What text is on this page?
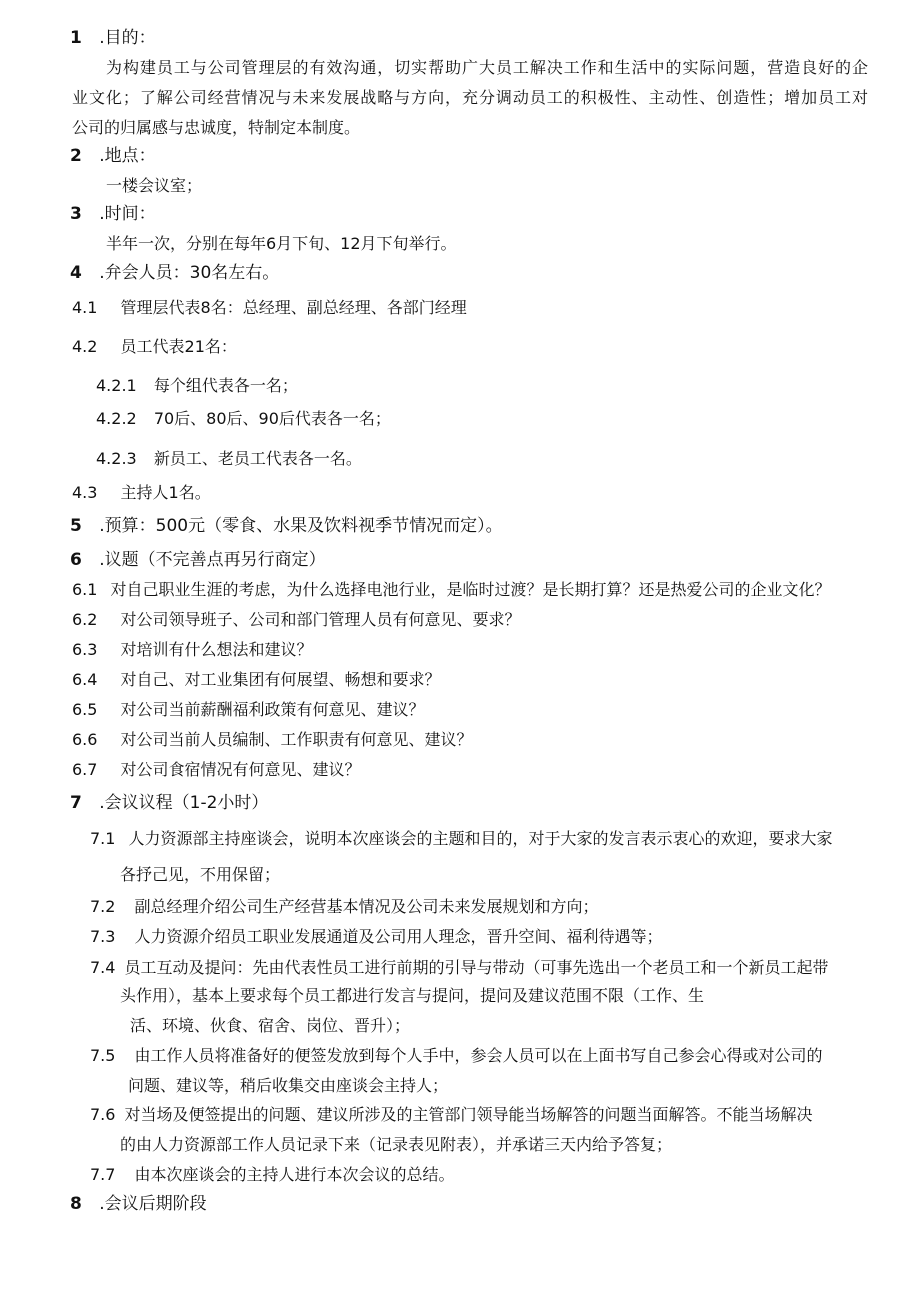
1 .目的：
为构建员工与公司管理层的有效沟通，切实帮助广大员工解决工作和生活中的实际问题，营造良好的企
业文化；了解公司经营情况与未来发展战略与方向，充分调动员工的积极性、主动性、创造性；增加员工对
公司的归属感与忠诚度，特制定本制度。
2 .地点：
一楼会议室；
3 .时间：
半年一次，分别在每年6月下旬、12月下旬举行。
4 .弁会人员：30名左右。
4.1 管理层代表8名：总经理、副总经理、各部门经理
4.2 员工代表21名：
4.2.1 每个组代表各一名；
4.2.2 70后、80后、90后代表各一名；
4.2.3 新员工、老员工代表各一名。
4.3 主持人1名。
5 .预算：500元（零食、水果及饮料视季节情况而定）。
6 .议题（不完善点再另行商定）
6.1 对自己职业生涯的考虑，为什么选择电池行业，是临时过渡？是长期打算？还是热爱公司的企业文化？
6.2 对公司领导班子、公司和部门管理人员有何意见、要求？
6.3 对培训有什么想法和建议？
6.4 对自己、对工业集团有何展望、畅想和要求？
6.5 对公司当前薪酬福利政策有何意见、建议？
6.6 对公司当前人员编制、工作职责有何意见、建议？
6.7 对公司食宿情况有何意见、建议？
7 .会议议程（1-2小时）
7.1 人力资源部主持座谈会，说明本次座谈会的主题和目的，对于大家的发言表示衷心的欢迎，要求大家
各抒己见，不用保留；
7.2 副总经理介绍公司生产经营基本情况及公司未来发展规划和方向；
7.3 人力资源介绍员工职业发展通道及公司用人理念，晋升空间、福利待遇等；
7.4 员工互动及提问：先由代表性员工进行前期的引导与带动（可事先选出一个老员工和一个新员工起带
头作用），基本上要求每个员工都进行发言与提问，提问及建议范围不限（工作、生
活、环境、伙食、宿舍、岗位、晋升）；
7.5 由工作人员将准备好的便签发放到每个人手中，参会人员可以在上面书写自己参会心得或对公司的
问题、建议等，稍后收集交由座谈会主持人；
7.6 对当场及便签提出的问题、建议所涉及的主管部门领导能当场解答的问题当面解答。不能当场解决
的由人力资源部工作人员记录下来（记录表见附表），并承诺三天内给予答复；
7.7 由本次座谈会的主持人进行本次会议的总结。
8 .会议后期阶段
